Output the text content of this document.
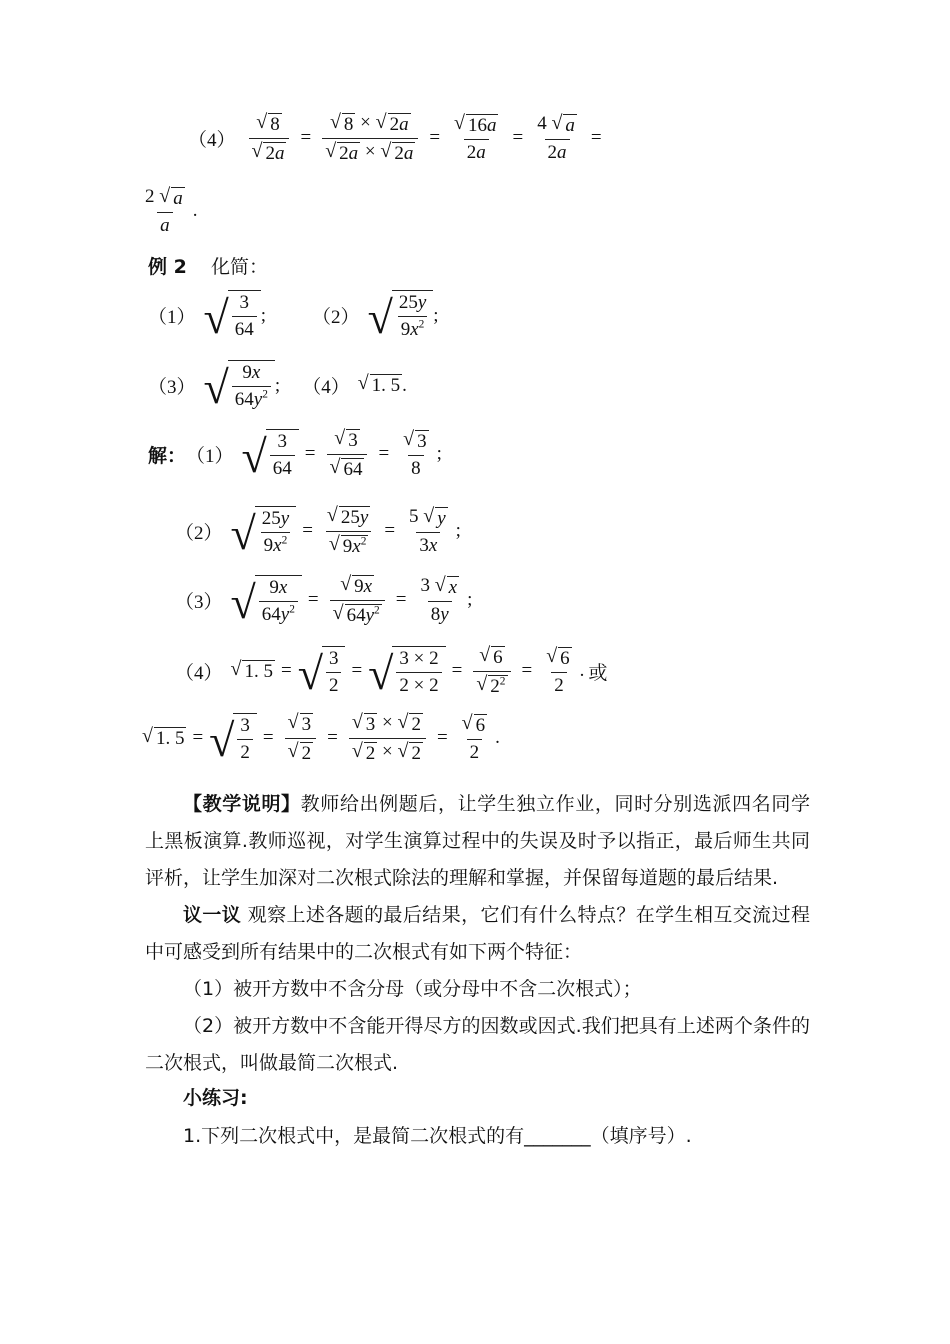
$(4) \frac{√ 8}{√ 2a} = \frac{√ 8 \times √ 2a}{√ 2a \times √ 2a} = \frac{√ 16a}{2a} = \frac{4 √ a}{2a}$ =
$\frac{2 √ a}{a}$ .
例 2 化简：
（1） √ $\frac{3}{64}$ ; （2） √ $\frac{25y}{9x^2}$ ;
（3） √ $\frac{9x}{64y^2}$ ; （4） √ 1. 5 .
解： （1） √ $\frac{3}{64} = \frac{√ 3}{√ 64} = \frac{√ 3}{8}$ ;
（2） √ $\frac{25y}{9x^2} = \frac{√ 25y}{√ 9x^2} = \frac{5 √ y}{3x}$ ;
（3） √ $\frac{9x}{64y^2} = \frac{√ 9x}{√ 64y^2} = \frac{3 √ x}{8y}$ ;
（4） √ 1. 5 = √ $\frac{3}{2}$ = √ $\frac{3 \times 2}{2 \times 2} = \frac{√ 6}{√ 2^2} = \frac{√ 6}{2}$ . 或
√ 1. 5 = √ $\frac{3}{2} = \frac{√ 3}{√ 2} = \frac{√ 3 \times √ 2}{√ 2 \times √ 2} = \frac{√ 6}{2}$ .
【教学说明】教师给出例题后，让学生独立作业，同时分别选派四名同学上黑板演算.教师巡视，对学生演算过程中的失误及时予以指正，最后师生共同评析，让学生加深对二次根式除法的理解和掌握，并保留每道题的最后结果.
议一议 观察上述各题的最后结果，它们有什么特点？在学生相互交流过程中可感受到所有结果中的二次根式有如下两个特征：
（1）被开方数中不含分母（或分母中不含二次根式）；
（2）被开方数中不含能开得尽方的因数或因式.我们把具有上述两个条件的二次根式，叫做最简二次根式.
小练习:
1.下列二次根式中，是最简二次根式的有_______（填序号）.
